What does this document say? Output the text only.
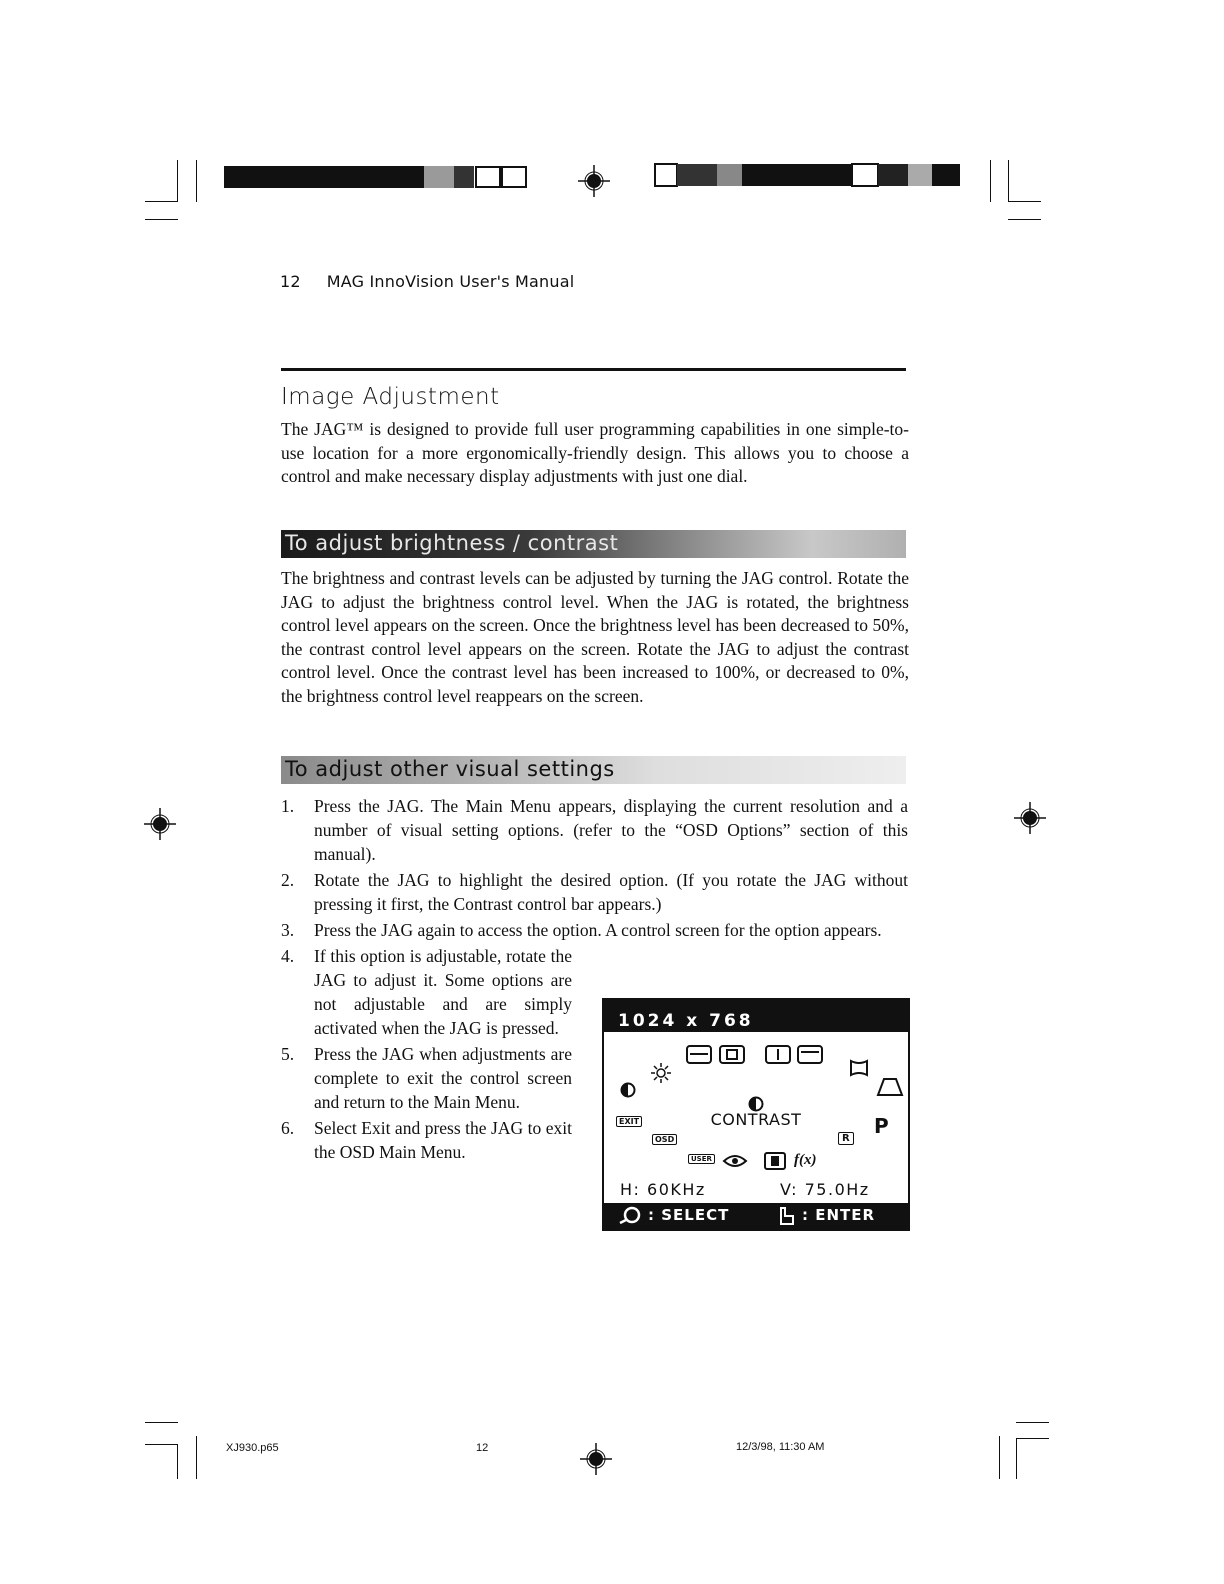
12 MAG InnoVision User's Manual
Image Adjustment
The JAG™ is designed to provide full user programming capabilities in one simple-to-use location for a more ergonomically-friendly design. This allows you to choose a control and make necessary display adjustments with just one dial.
To adjust brightness / contrast
The brightness and contrast levels can be adjusted by turning the JAG control. Rotate the JAG to adjust the brightness control level. When the JAG is rotated, the brightness control level appears on the screen. Once the brightness level has been decreased to 50%, the contrast control level appears on the screen. Rotate the JAG to adjust the contrast control level. Once the contrast level has been increased to 100%, or decreased to 0%, the brightness control level reappears on the screen.
To adjust other visual settings
1. Press the JAG. The Main Menu appears, displaying the current resolution and a number of visual setting options. (refer to the “OSD Options” section of this manual).
2. Rotate the JAG to highlight the desired option. (If you rotate the JAG without pressing it first, the Contrast control bar appears.)
3. Press the JAG again to access the option. A control screen for the option appears.
4. If this option is adjustable, rotate the JAG to adjust it. Some options are not adjustable and are simply activated when the JAG is pressed.
5. Press the JAG when adjustments are complete to exit the control screen and return to the Main Menu.
6. Select Exit and press the JAG to exit the OSD Main Menu.
1024 x 768
CONTRAST
EXIT
OSD
USER	f(x)
R
P
H: 60KHz	V: 75.0Hz
: SELECT	: ENTER
XJ930.p65	12	12/3/98, 11:30 AM
